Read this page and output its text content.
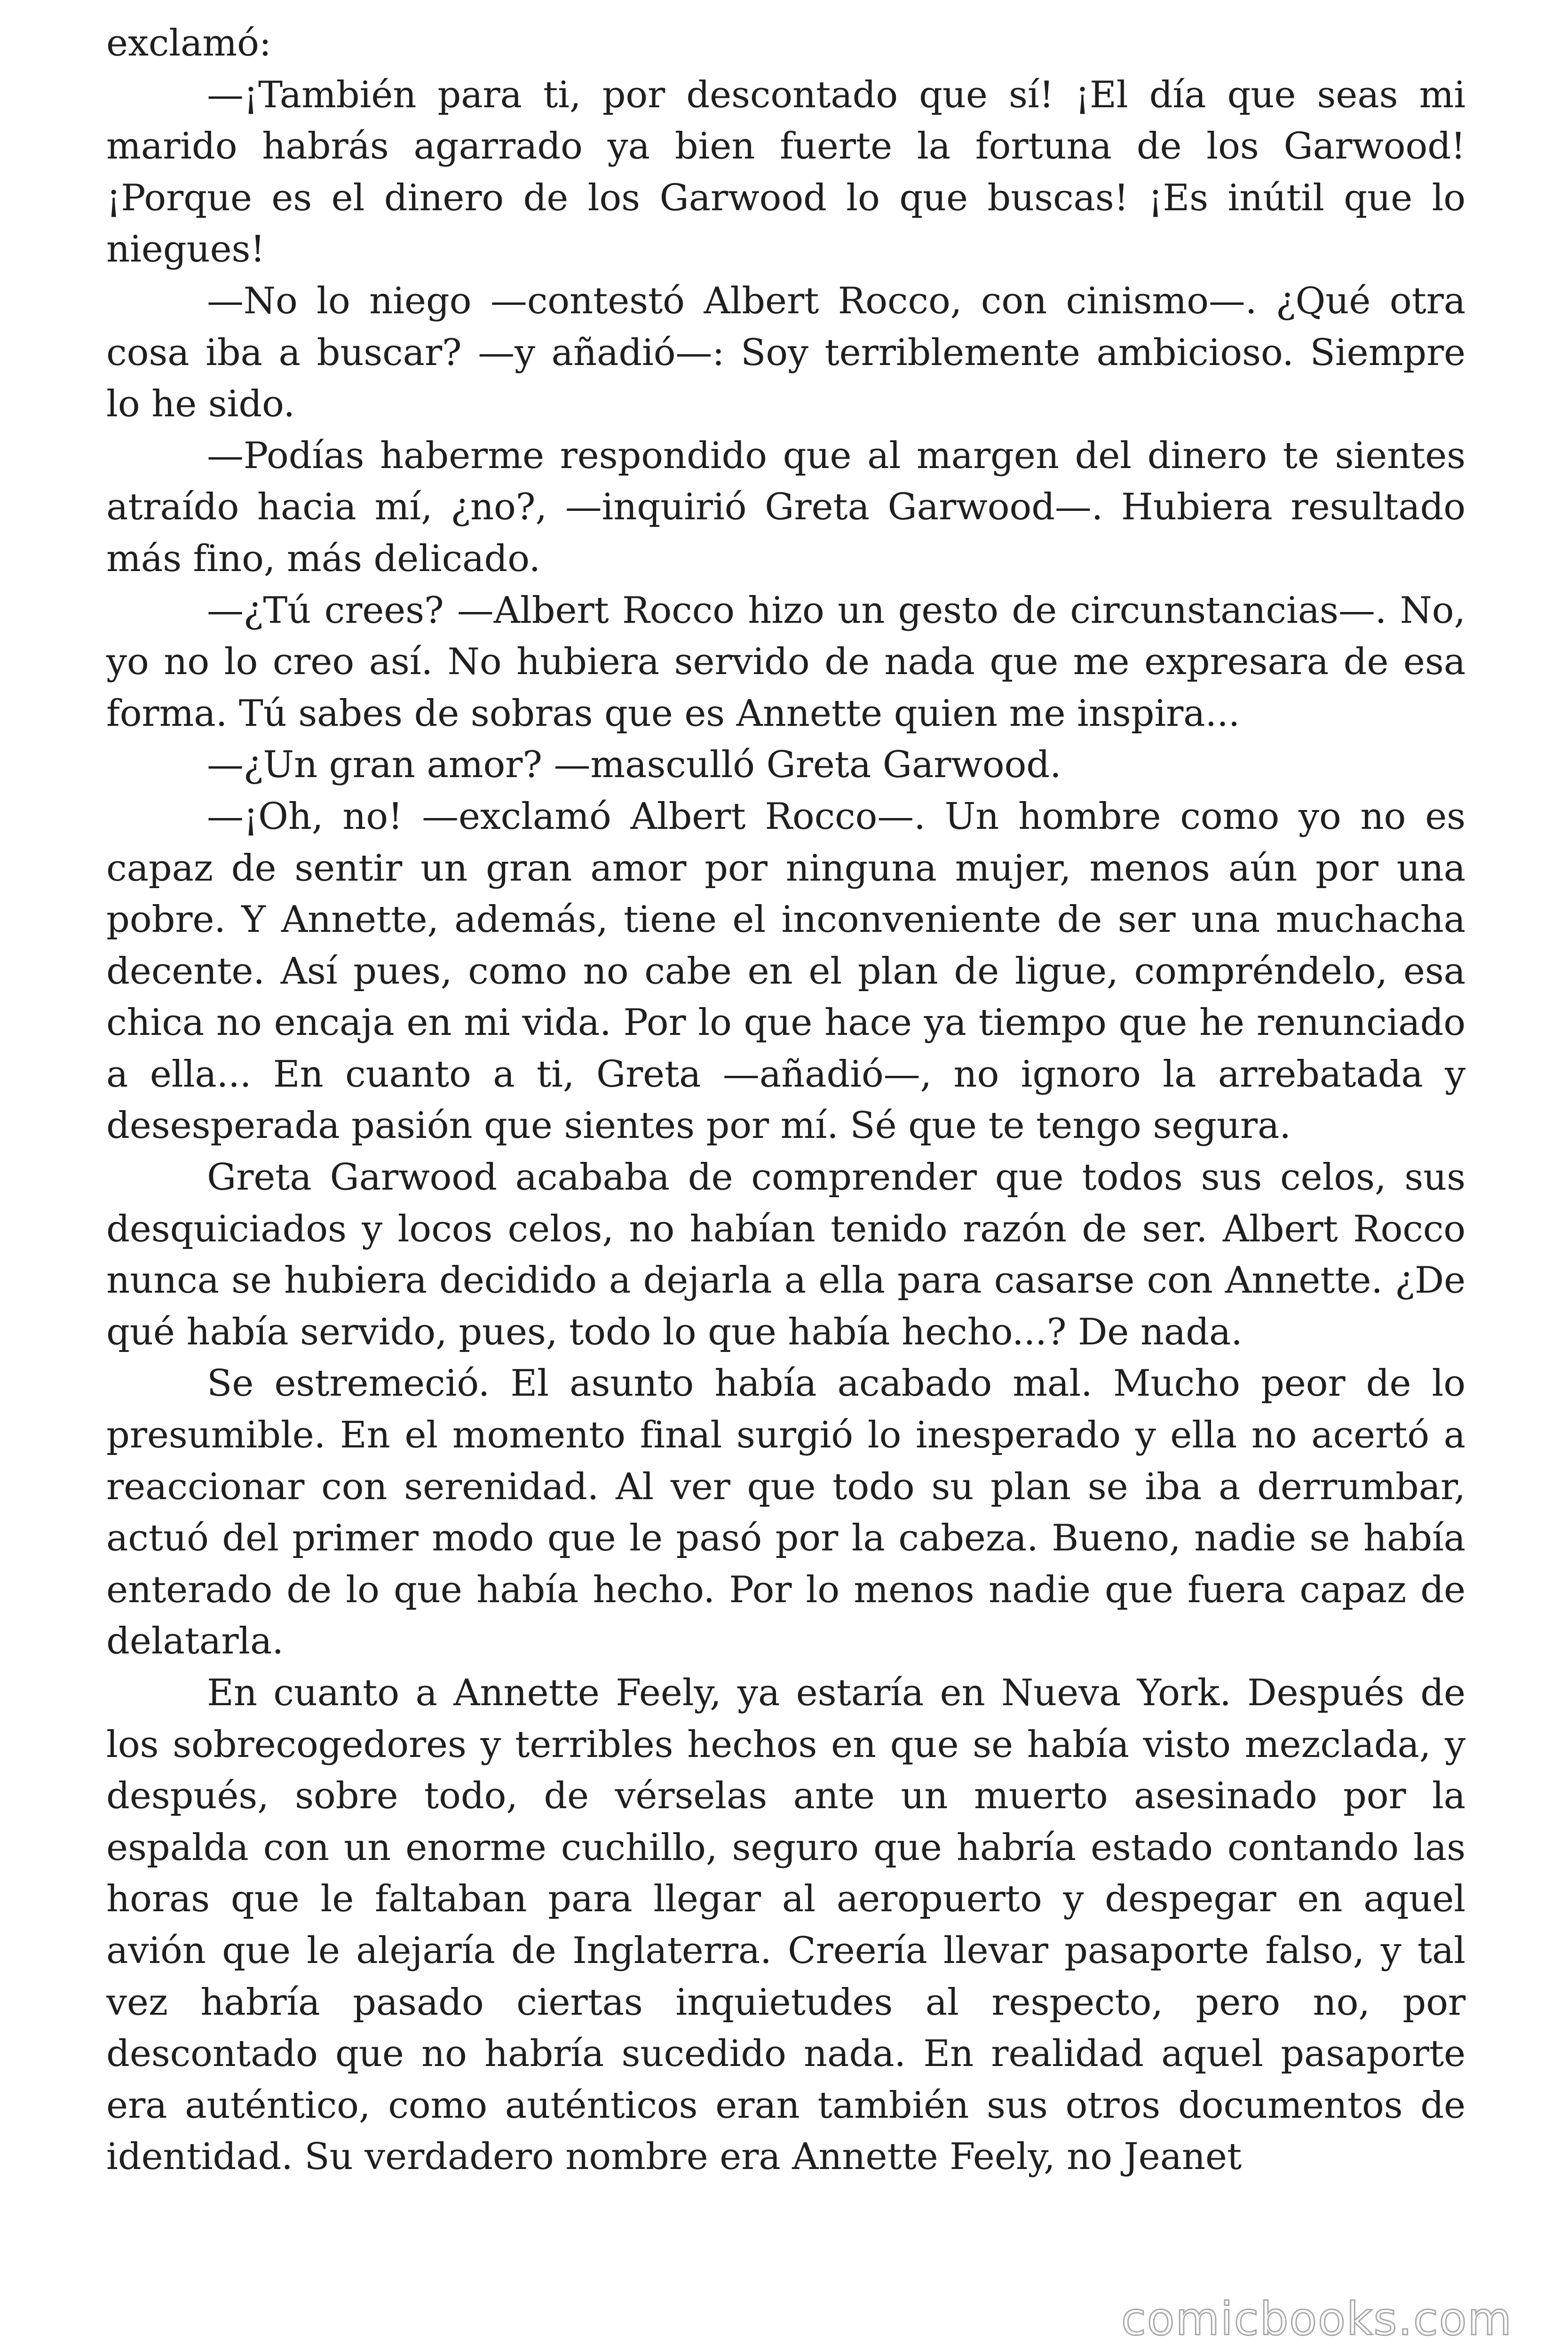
exclamó:

—¡También para ti, por descontado que sí! ¡El día que seas mi marido habrás agarrado ya bien fuerte la fortuna de los Garwood! ¡Porque es el dinero de los Garwood lo que buscas! ¡Es inútil que lo niegues!

—No lo niego —contestó Albert Rocco, con cinismo—. ¿Qué otra cosa iba a buscar? —y añadió—: Soy terriblemente ambicioso. Siempre lo he sido.

—Podías haberme respondido que al margen del dinero te sientes atraído hacia mí, ¿no?, —inquirió Greta Garwood—. Hubiera resultado más fino, más delicado.

—¿Tú crees? —Albert Rocco hizo un gesto de circunstancias—. No, yo no lo creo así. No hubiera servido de nada que me expresara de esa forma. Tú sabes de sobras que es Annette quien me inspira...

—¿Un gran amor? —masculló Greta Garwood.

—¡Oh, no! —exclamó Albert Rocco—. Un hombre como yo no es capaz de sentir un gran amor por ninguna mujer, menos aún por una pobre. Y Annette, además, tiene el inconveniente de ser una muchacha decente. Así pues, como no cabe en el plan de ligue, compréndelo, esa chica no encaja en mi vida. Por lo que hace ya tiempo que he renunciado a ella... En cuanto a ti, Greta —añadió—, no ignoro la arrebatada y desesperada pasión que sientes por mí. Sé que te tengo segura.

Greta Garwood acababa de comprender que todos sus celos, sus desquiciados y locos celos, no habían tenido razón de ser. Albert Rocco nunca se hubiera decidido a dejarla a ella para casarse con Annette. ¿De qué había servido, pues, todo lo que había hecho...? De nada.

Se estremeció. El asunto había acabado mal. Mucho peor de lo presumible. En el momento final surgió lo inesperado y ella no acertó a reaccionar con serenidad. Al ver que todo su plan se iba a derrumbar, actuó del primer modo que le pasó por la cabeza. Bueno, nadie se había enterado de lo que había hecho. Por lo menos nadie que fuera capaz de delatarla.

En cuanto a Annette Feely, ya estaría en Nueva York. Después de los sobrecogedores y terribles hechos en que se había visto mezclada, y después, sobre todo, de vérselas ante un muerto asesinado por la espalda con un enorme cuchillo, seguro que habría estado contando las horas que le faltaban para llegar al aeropuerto y despegar en aquel avión que le alejaría de Inglaterra. Creería llevar pasaporte falso, y tal vez habría pasado ciertas inquietudes al respecto, pero no, por descontado que no habría sucedido nada. En realidad aquel pasaporte era auténtico, como auténticos eran también sus otros documentos de identidad. Su verdadero nombre era Annette Feely, no Jeanet

comicbooks.com
